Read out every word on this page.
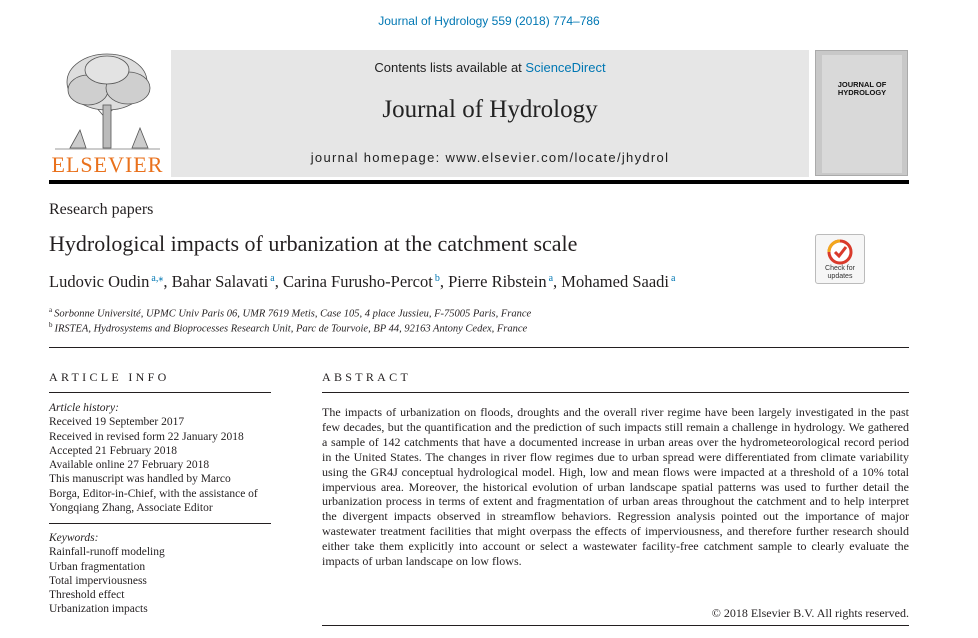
Journal of Hydrology 559 (2018) 774–786
ELSEVIER
Contents lists available at ScienceDirect
Journal of Hydrology
journal homepage: www.elsevier.com/locate/jhydrol
JOURNAL OF HYDROLOGY
Research papers
Hydrological impacts of urbanization at the catchment scale
Check for
updates
Ludovic Oudin $^{a,⁎}$, Bahar Salavati $^a$, Carina Furusho-Percot $^b$, Pierre Ribstein $^a$, Mohamed Saadi $^a$
$^a$ Sorbonne Université, UPMC Univ Paris 06, UMR 7619 Metis, Case 105, 4 place Jussieu, F-75005 Paris, France
$^b$ IRSTEA, Hydrosystems and Bioprocesses Research Unit, Parc de Tourvoie, BP 44, 92163 Antony Cedex, France
ARTICLE INFO
Article history:
Received 19 September 2017
Received in revised form 22 January 2018
Accepted 21 February 2018
Available online 27 February 2018
This manuscript was handled by Marco
Borga, Editor-in-Chief, with the assistance of
Yongqiang Zhang, Associate Editor
Keywords:
Rainfall-runoff modeling
Urban fragmentation
Total imperviousness
Threshold effect
Urbanization impacts
ABSTRACT
The impacts of urbanization on floods, droughts and the overall river regime have been largely investigated in the past few decades, but the quantification and the prediction of such impacts still remain a challenge in hydrology. We gathered a sample of 142 catchments that have a documented increase in urban areas over the hydrometeorological record period in the United States. The changes in river flow regimes due to urban spread were differentiated from climate variability using the GR4J conceptual hydrological model. High, low and mean flows were impacted at a threshold of a 10% total impervious area. Moreover, the historical evolution of urban landscape spatial patterns was used to further detail the urbanization process in terms of extent and fragmentation of urban areas throughout the catchment and to help interpret the divergent impacts observed in streamflow behaviors. Regression analysis pointed out the importance of major wastewater treatment facilities that might overpass the effects of imperviousness, and therefore further research should either take them explicitly into account or select a wastewater facility-free catchment sample to clearly evaluate the impacts of urban landscape on low flows.
© 2018 Elsevier B.V. All rights reserved.
